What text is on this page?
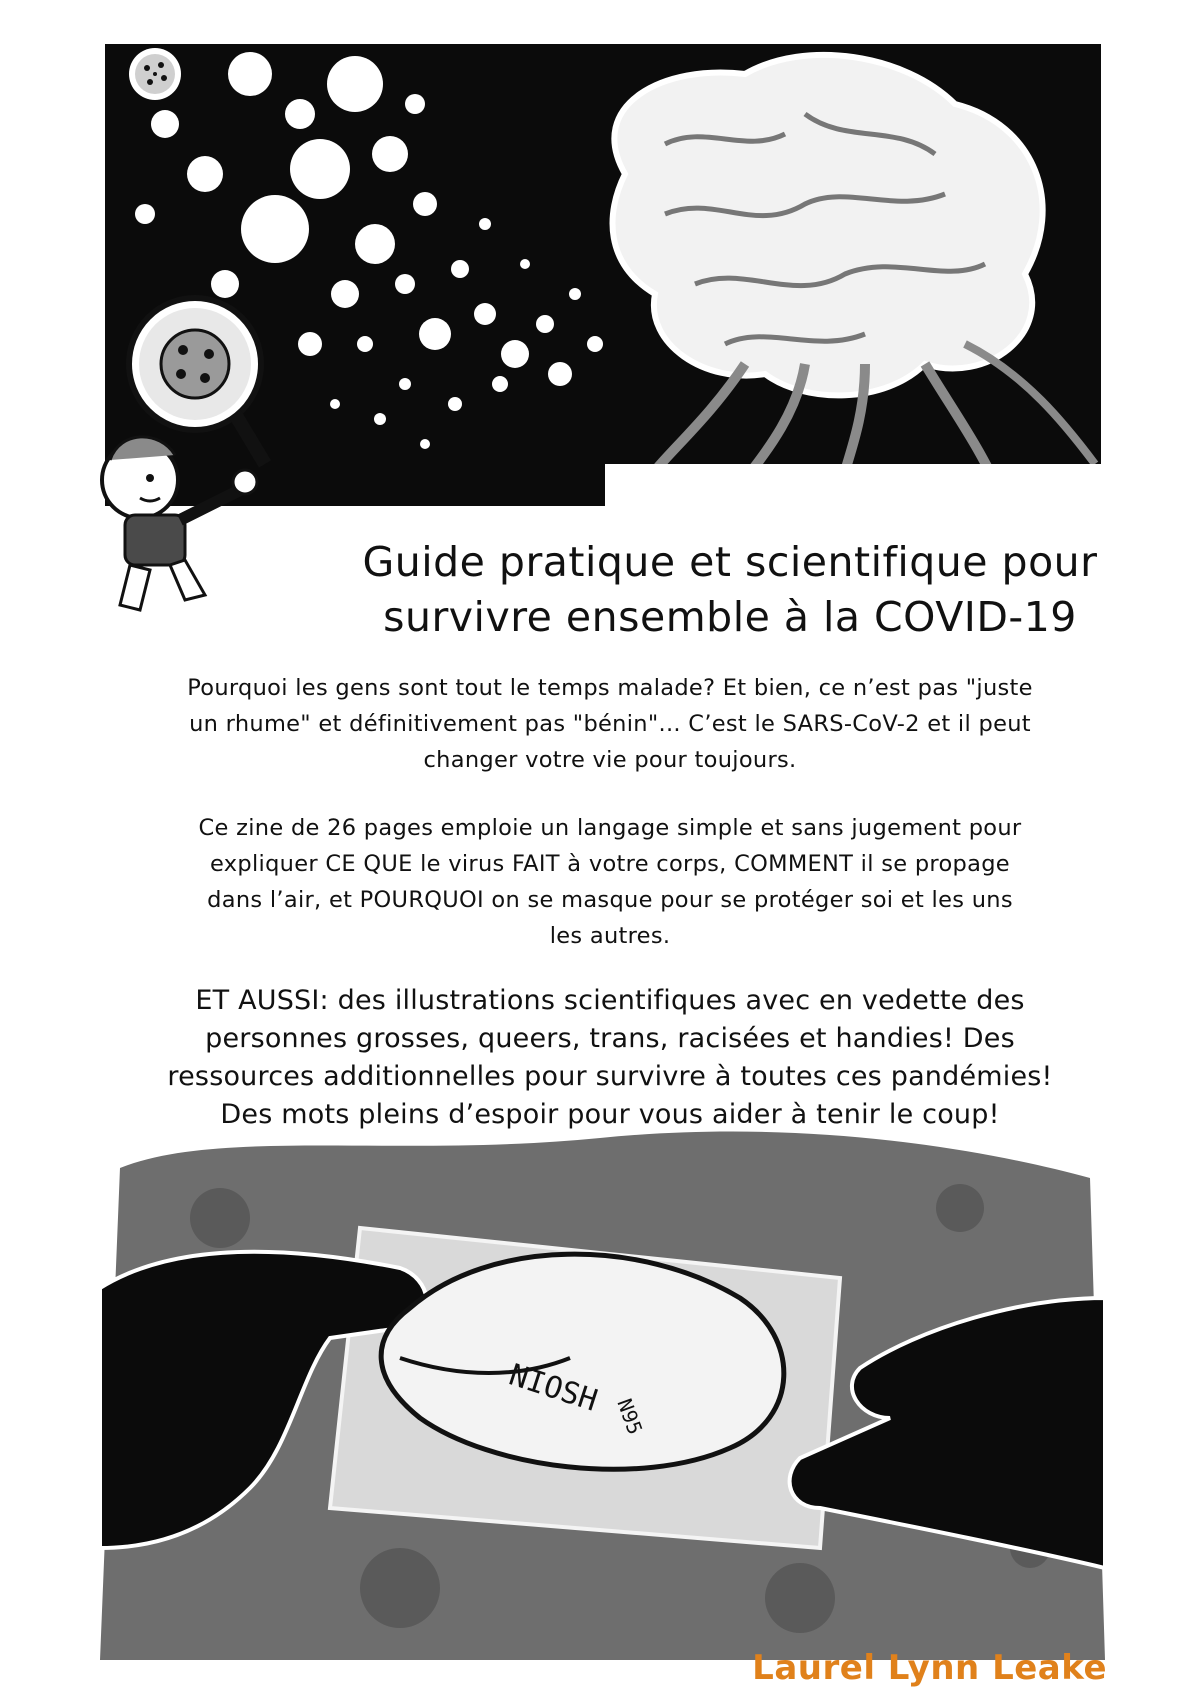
Guide pratique et scientifique pour
survivre ensemble à la COVID-19
Pourquoi les gens sont tout le temps malade? Et bien, ce n’est pas "juste
un rhume" et définitivement pas "bénin"... C’est le SARS-CoV-2 et il peut
changer votre vie pour toujours.
Ce zine de 26 pages emploie un langage simple et sans jugement pour
expliquer CE QUE le virus FAIT à votre corps, COMMENT il se propage
dans l’air, et POURQUOI on se masque pour se protéger soi et les uns
les autres.
ET AUSSI: des illustrations scientifiques avec en vedette des
personnes grosses, queers, trans, racisées et handies! Des
ressources additionnelles pour survivre à toutes ces pandémies!
Des mots pleins d’espoir pour vous aider à tenir le coup!
NIOSH N95
Laurel Lynn Leake
